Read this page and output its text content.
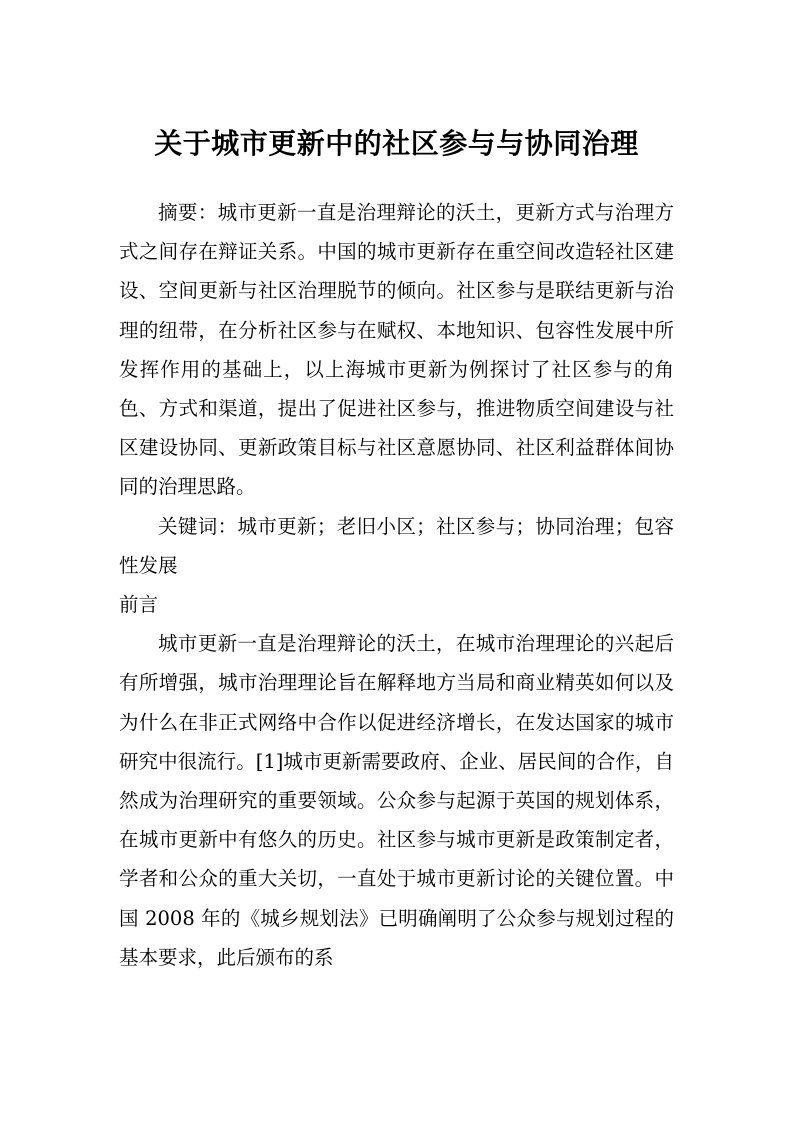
关于城市更新中的社区参与与协同治理

摘要：城市更新一直是治理辩论的沃土，更新方式与治理方式之间存在辩证关系。中国的城市更新存在重空间改造轻社区建设、空间更新与社区治理脱节的倾向。社区参与是联结更新与治理的纽带，在分析社区参与在赋权、本地知识、包容性发展中所发挥作用的基础上，以上海城市更新为例探讨了社区参与的角色、方式和渠道，提出了促进社区参与，推进物质空间建设与社区建设协同、更新政策目标与社区意愿协同、社区利益群体间协同的治理思路。

关键词：城市更新；老旧小区；社区参与；协同治理；包容性发展

前言

城市更新一直是治理辩论的沃土，在城市治理理论的兴起后有所增强，城市治理理论旨在解释地方当局和商业精英如何以及为什么在非正式网络中合作以促进经济增长，在发达国家的城市研究中很流行。[1]城市更新需要政府、企业、居民间的合作，自然成为治理研究的重要领域。公众参与起源于英国的规划体系，在城市更新中有悠久的历史。社区参与城市更新是政策制定者，学者和公众的重大关切，一直处于城市更新讨论的关键位置。中国 2008 年的《城乡规划法》已明确阐明了公众参与规划过程的基本要求，此后颁布的系
